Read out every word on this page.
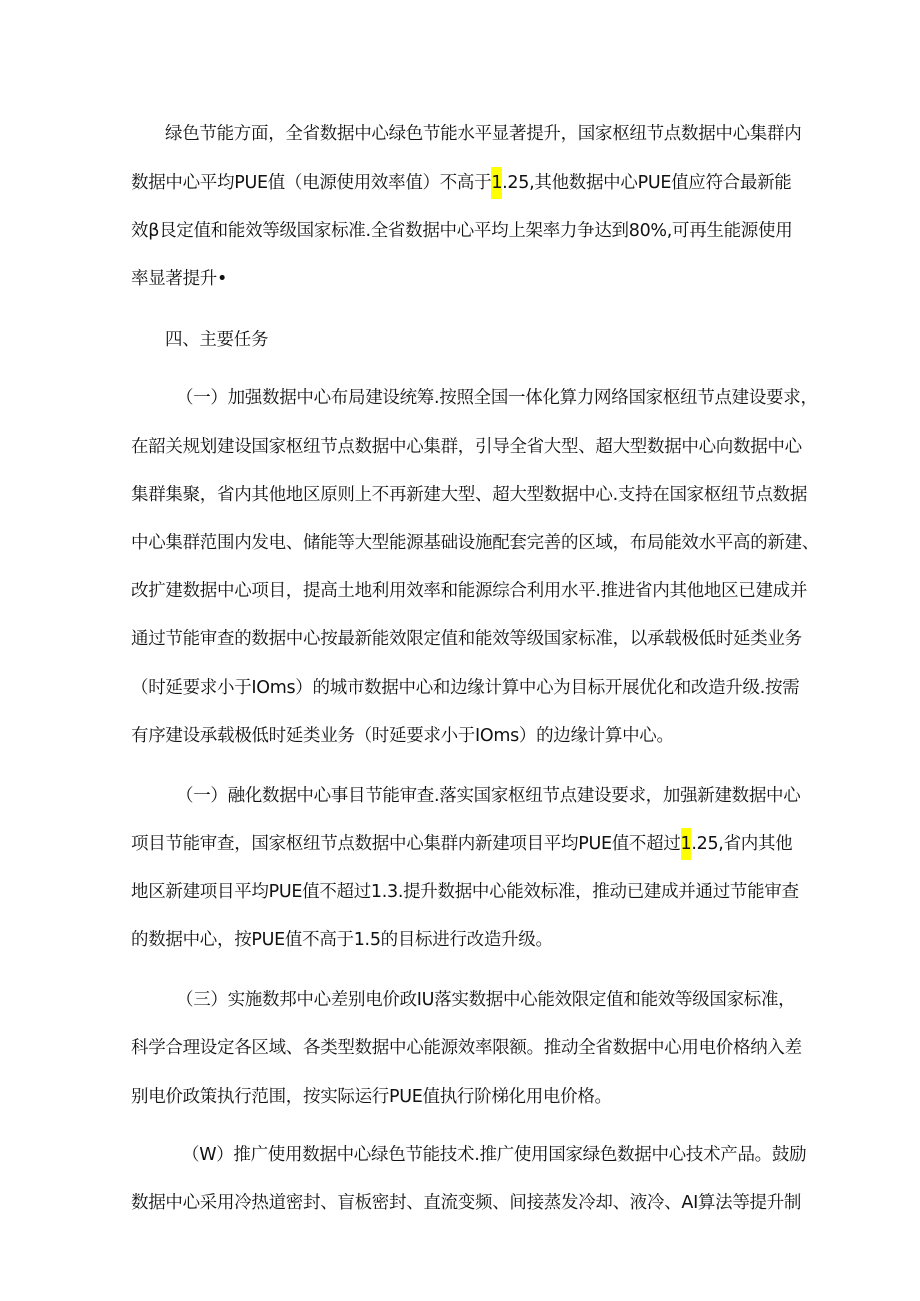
绿色节能方面，全省数据中心绿色节能水平显著提升，国家枢纽节点数据中心集群内
数据中心平均PUE值（电源使用效率值）不高于1.25,其他数据中心PUE值应符合最新能
效β艮定值和能效等级国家标准.全省数据中心平均上架率力争达到80%,可再生能源使用
率显著提升•
四、主要任务
（一）加强数据中心布局建设统筹.按照全国一体化算力网络国家枢纽节点建设要求，
在韶关规划建设国家枢纽节点数据中心集群，引导全省大型、超大型数据中心向数据中心
集群集聚，省内其他地区原则上不再新建大型、超大型数据中心.支持在国家枢纽节点数据
中心集群范围内发电、储能等大型能源基础设施配套完善的区域，布局能效水平高的新建、
改扩建数据中心项目，提高土地利用效率和能源综合利用水平.推进省内其他地区已建成并
通过节能审查的数据中心按最新能效限定值和能效等级国家标准，以承载极低时延类业务
（时延要求小于IOms）的城市数据中心和边缘计算中心为目标开展优化和改造升级.按需
有序建设承载极低时延类业务（时延要求小于IOms）的边缘计算中心。
（一）融化数据中心事目节能审查.落实国家枢纽节点建设要求，加强新建数据中心
项目节能审查，国家枢纽节点数据中心集群内新建项目平均PUE值不超过1.25,省内其他
地区新建项目平均PUE值不超过1.3.提升数据中心能效标准，推动已建成并通过节能审查
的数据中心，按PUE值不高于1.5的目标进行改造升级。
（三）实施数邦中心差别电价政IU落实数据中心能效限定值和能效等级国家标准，
科学合理设定各区域、各类型数据中心能源效率限额。推动全省数据中心用电价格纳入差
别电价政策执行范围，按实际运行PUE值执行阶梯化用电价格。
（W）推广使用数据中心绿色节能技术.推广使用国家绿色数据中心技术产品。鼓励
数据中心采用冷热道密封、盲板密封、直流变频、间接蒸发冷却、液冷、AI算法等提升制
